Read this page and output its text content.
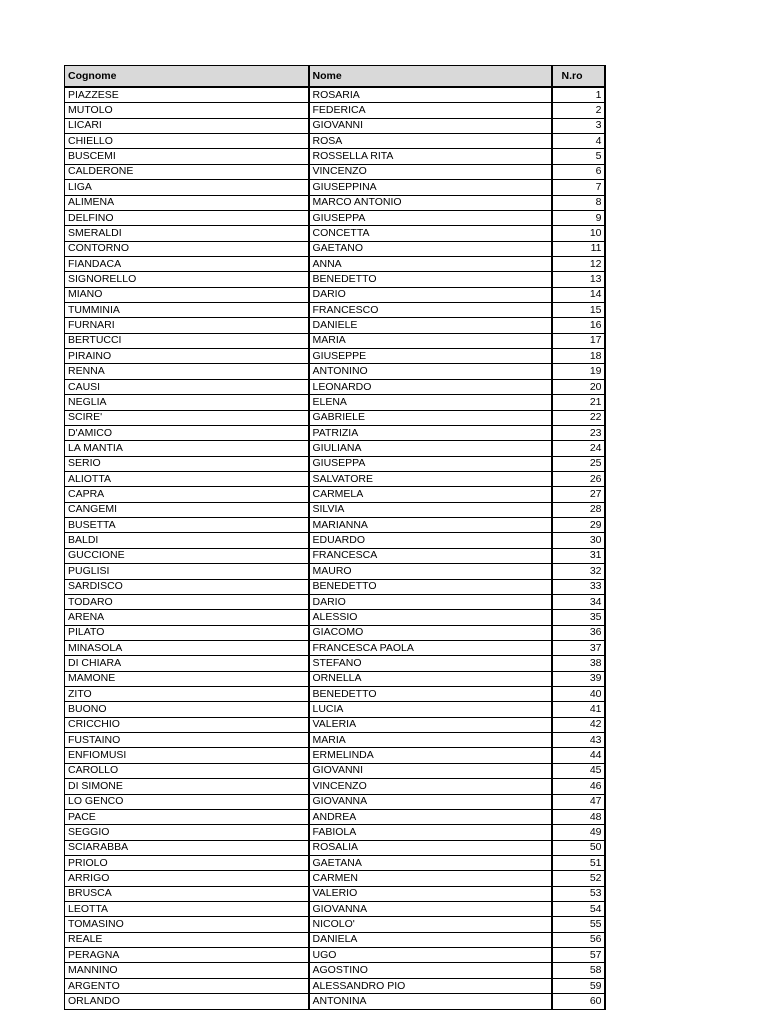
Cognome	Nome	N.ro
PIAZZESE	ROSARIA	1
MUTOLO	FEDERICA	2
LICARI	GIOVANNI	3
CHIELLO	ROSA	4
BUSCEMI	ROSSELLA RITA	5
CALDERONE	VINCENZO	6
LIGA	GIUSEPPINA	7
ALIMENA	MARCO ANTONIO	8
DELFINO	GIUSEPPA	9
SMERALDI	CONCETTA	10
CONTORNO	GAETANO	11
FIANDACA	ANNA	12
SIGNORELLO	BENEDETTO	13
MIANO	DARIO	14
TUMMINIA	FRANCESCO	15
FURNARI	DANIELE	16
BERTUCCI	MARIA	17
PIRAINO	GIUSEPPE	18
RENNA	ANTONINO	19
CAUSI	LEONARDO	20
NEGLIA	ELENA	21
SCIRE'	GABRIELE	22
D'AMICO	PATRIZIA	23
LA MANTIA	GIULIANA	24
SERIO	GIUSEPPA	25
ALIOTTA	SALVATORE	26
CAPRA	CARMELA	27
CANGEMI	SILVIA	28
BUSETTA	MARIANNA	29
BALDI	EDUARDO	30
GUCCIONE	FRANCESCA	31
PUGLISI	MAURO	32
SARDISCO	BENEDETTO	33
TODARO	DARIO	34
ARENA	ALESSIO	35
PILATO	GIACOMO	36
MINASOLA	FRANCESCA PAOLA	37
DI CHIARA	STEFANO	38
MAMONE	ORNELLA	39
ZITO	BENEDETTO	40
BUONO	LUCIA	41
CRICCHIO	VALERIA	42
FUSTAINO	MARIA	43
ENFIOMUSI	ERMELINDA	44
CAROLLO	GIOVANNI	45
DI SIMONE	VINCENZO	46
LO GENCO	GIOVANNA	47
PACE	ANDREA	48
SEGGIO	FABIOLA	49
SCIARABBA	ROSALIA	50
PRIOLO	GAETANA	51
ARRIGO	CARMEN	52
BRUSCA	VALERIO	53
LEOTTA	GIOVANNA	54
TOMASINO	NICOLO'	55
REALE	DANIELA	56
PERAGNA	UGO	57
MANNINO	AGOSTINO	58
ARGENTO	ALESSANDRO PIO	59
ORLANDO	ANTONINA	60
